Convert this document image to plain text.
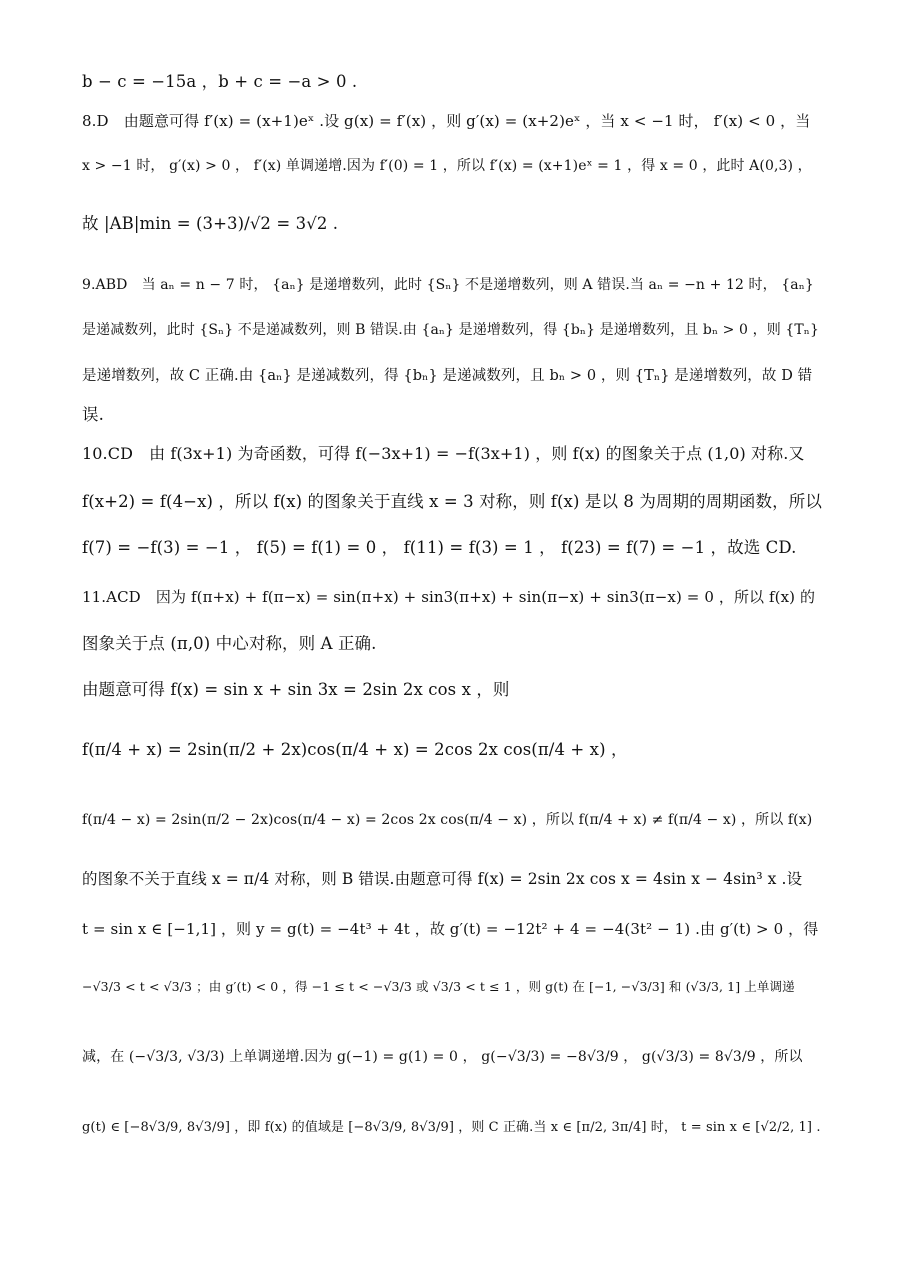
b − c = −15a ，b + c = −a > 0 .
8.D　由题意可得 f′(x) = (x+1)eˣ .设 g(x) = f′(x) ，则 g′(x) = (x+2)eˣ ，当 x < −1 时， f′(x) < 0 ，当
x > −1 时， g′(x) > 0 ， f′(x) 单调递增.因为 f′(0) = 1 ，所以 f′(x) = (x+1)eˣ = 1 ，得 x = 0 ，此时 A(0,3) ，
故 |AB|min = (3+3)/√2 = 3√2 .
9.ABD　当 aₙ = n − 7 时， {aₙ} 是递增数列，此时 {Sₙ} 不是递增数列，则 A 错误.当 aₙ = −n + 12 时， {aₙ}
是递减数列，此时 {Sₙ} 不是递减数列，则 B 错误.由 {aₙ} 是递增数列，得 {bₙ} 是递增数列，且 bₙ > 0 ，则 {Tₙ}
是递增数列，故 C 正确.由 {aₙ} 是递减数列，得 {bₙ} 是递减数列，且 bₙ > 0 ，则 {Tₙ} 是递增数列，故 D 错
误.
10.CD　由 f(3x+1) 为奇函数，可得 f(−3x+1) = −f(3x+1) ，则 f(x) 的图象关于点 (1,0) 对称.又
f(x+2) = f(4−x) ，所以 f(x) 的图象关于直线 x = 3 对称，则 f(x) 是以 8 为周期的周期函数，所以
f(7) = −f(3) = −1 ， f(5) = f(1) = 0 ， f(11) = f(3) = 1 ， f(23) = f(7) = −1 ，故选 CD.
11.ACD　因为 f(π+x) + f(π−x) = sin(π+x) + sin3(π+x) + sin(π−x) + sin3(π−x) = 0 ，所以 f(x) 的
图象关于点 (π,0) 中心对称，则 A 正确.
由题意可得 f(x) = sin x + sin 3x = 2sin 2x cos x ，则
f(π/4 + x) = 2sin(π/2 + 2x)cos(π/4 + x) = 2cos 2x cos(π/4 + x) ，
f(π/4 − x) = 2sin(π/2 − 2x)cos(π/4 − x) = 2cos 2x cos(π/4 − x) ，所以 f(π/4 + x) ≠ f(π/4 − x) ，所以 f(x)
的图象不关于直线 x = π/4 对称，则 B 错误.由题意可得 f(x) = 2sin 2x cos x = 4sin x − 4sin³ x .设
t = sin x ∈ [−1,1] ，则 y = g(t) = −4t³ + 4t ，故 g′(t) = −12t² + 4 = −4(3t² − 1) .由 g′(t) > 0 ，得
−√3/3 < t < √3/3 ；由 g′(t) < 0 ，得 −1 ≤ t < −√3/3 或 √3/3 < t ≤ 1 ，则 g(t) 在 [−1, −√3/3] 和 (√3/3, 1] 上单调递
减，在 (−√3/3, √3/3) 上单调递增.因为 g(−1) = g(1) = 0 ， g(−√3/3) = −8√3/9 ， g(√3/3) = 8√3/9 ，所以
g(t) ∈ [−8√3/9, 8√3/9] ，即 f(x) 的值域是 [−8√3/9, 8√3/9] ，则 C 正确.当 x ∈ [π/2, 3π/4] 时， t = sin x ∈ [√2/2, 1] .
